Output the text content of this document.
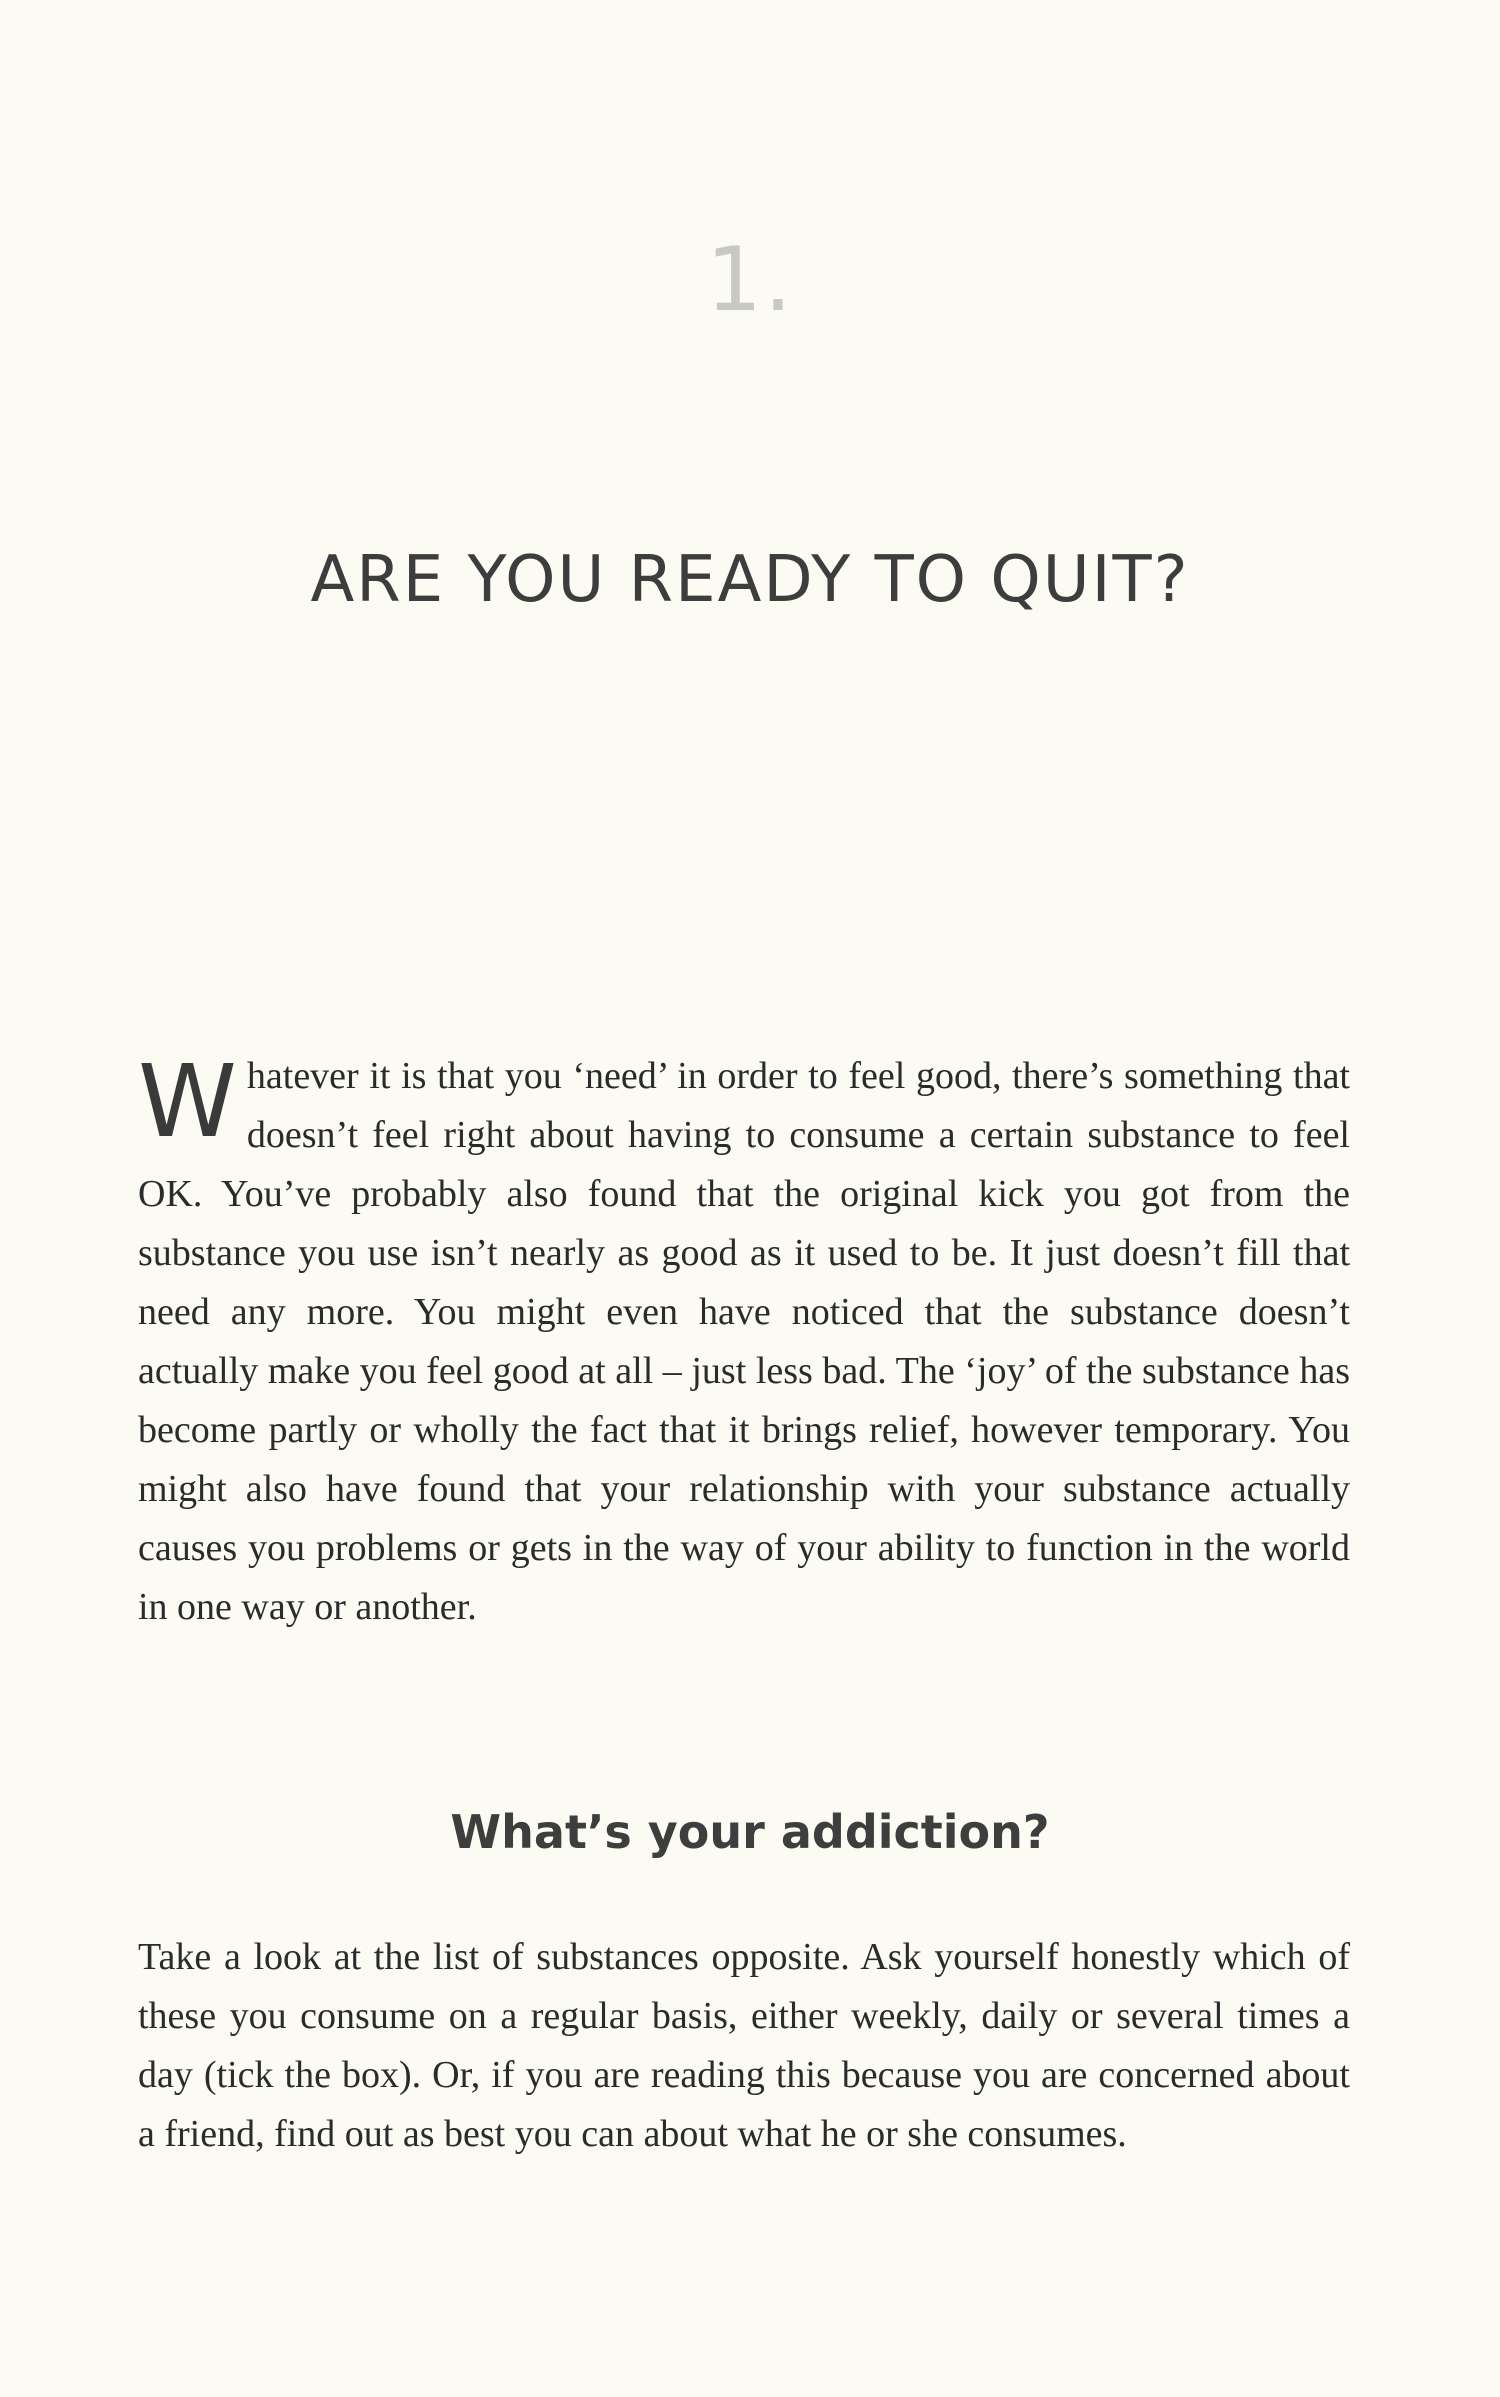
1.
ARE YOU READY TO QUIT?

Whatever it is that you ‘need’ in order to feel good, there’s something that doesn’t feel right about having to consume a certain substance to feel OK. You’ve probably also found that the original kick you got from the substance you use isn’t nearly as good as it used to be. It just doesn’t fill that need any more. You might even have noticed that the substance doesn’t actually make you feel good at all – just less bad. The ‘joy’ of the substance has become partly or wholly the fact that it brings relief, however temporary. You might also have found that your relationship with your substance actually causes you problems or gets in the way of your ability to function in the world in one way or another.

What’s your addiction?

Take a look at the list of substances opposite. Ask yourself honestly which of these you consume on a regular basis, either weekly, daily or several times a day (tick the box). Or, if you are reading this because you are concerned about a friend, find out as best you can about what he or she consumes.
